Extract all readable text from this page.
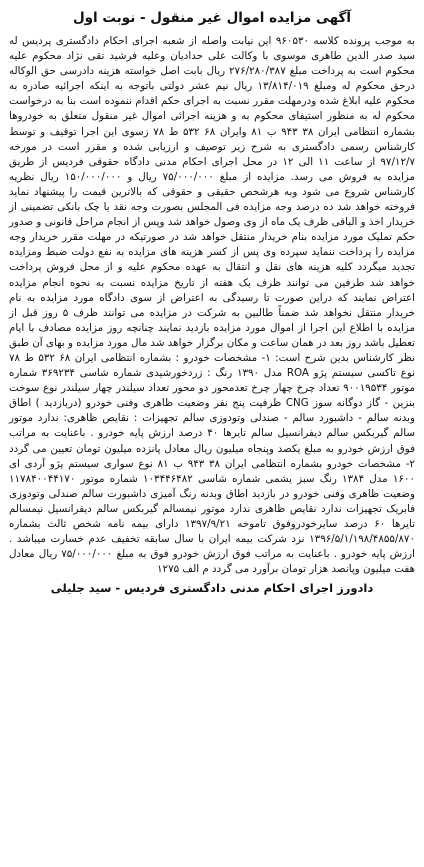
آگهی مزایده اموال غیر منقول - نوبت اول

به موجب پرونده کلاسه ۹۶۰۵۳۰ این نیابت واصله از شعبه اجرای احکام دادگستری پردیس له سید صدر الدین طاهری موسوی با وکالت علی حدادیان وعلیه فرشید تقی نژاد محکوم علیه محکوم است به پرداخت مبلغ ۲۷۶/۲۸۰/۳۸۷ ریال بابت اصل خواسته هزینه دادرسی حق الوکاله درحق محکوم له ومبلغ ۱۳/۸۱۴/۰۱۹ ریال نیم عشر دولتی باتوجه به اینکه اجرائیه صادره به محکوم علیه ابلاغ شده ودرمهلت مقرر نسبت به اجرای حکم اقدام ننموده است بنا به درخواست محکوم له به منظور استیفای محکوم به و هزینه اجرائی اموال غیر منقول متعلق به خودروها بشماره انتظامی ایران ۳۸ ۹۴۳ ب ۸۱ وایران ۶۸ ۵۳۲ ط ۷۸ زسوی این اجرا توقیف و توسط کارشناس رسمی دادگستری به شرح زیر توصیف و ارزیابی شده و مقرر است در مورخه ۹۷/۱۲/۷ از ساعت ۱۱ الی ۱۲ در محل اجرای احکام مدنی دادگاه حقوقی فردیس از طریق مزایده به فروش می رسد. مزایده از مبلغ ۷۵/۰۰۰/۰۰۰ ریال و ۱۵۰/۰۰۰/۰۰۰ ریال نظریه کارشناس شروع می شود وبه هرشخص حقیقی و حقوقی که بالاترین قیمت را پیشنهاد نماید فروخته خواهد شد ده درصد وجه مزایده فی المجلس بصورت وجه نقد یا چک بانکی تضمینی از خریدار اخذ و الباقی ظرف یک ماه از وی وصول خواهد شد وپس از انجام مراحل قانونی و صدور حکم تملیک مورد مزایده بنام خریدار منتقل خواهد شد در صورتیکه در مهلت مقرر خریدار وجه مزایده را پرداخت ننماید سپرده وی پس از کسر هزینه های مزایده به نفع دولت ضبط ومزایده تجدید میگردد کلیه هزینه های نقل و انتقال به عهده محکوم علیه و از محل فروش پرداخت خواهد شد طرفین می توانند ظرف یک هفته از تاریخ مزایده نسبت به نحوه انجام مزایده اعتراض نمایند که دراین صورت تا رسیدگی به اعتراض از سوی دادگاه مورد مزایده به نام خریدار منتقل نخواهد شد ضمناً طالبین به شرکت در مزایده می توانند ظرف ۵ روز قبل از مزایده با اطلاع این اجرا از اموال مورد مزایده بازدید نمایند چنانچه روز مزایده مصادف با ایام تعطیل باشد روز بعد در همان ساعت و مکان برگزار خواهد شد مال مورد مزایده و بهای آن طبق نظر کارشناس بدین شرح است: ۱- مشخصات خودرو : بشماره انتظامی ایران ۶۸ ۵۳۲ ط ۷۸ نوع تاکسی سیستم پژو ROA مدل ۱۳۹۰ رنگ : زردخورشیدی شماره شاسی ۳۶۹۲۳۴ شماره موتور ۹۰۰۱۹۵۳۴ تعداد چرخ چهار چرخ تعدمحور دو محور تعداد سیلندر چهار سیلندر نوع سوخت بنزین - گاز دوگانه سوز CNG ظرفیت پنج نفر وضعیت ظاهری وفنی خودرو (دربازدید ) اطاق وبدنه سالم - داشبورد سالم - صندلی وتودوزی سالم تجهیزات : نقایص ظاهری: ندارد موتور سالم گیربکس سالم دیفرانسیل سالم تایرها ۴۰ درصد ارزش پایه خودرو . باعنایت به مراتب فوق ارزش خودرو به مبلغ یکصد وپنجاه میلیون ریال معادل پانزده میلیون تومان تعیین می گردد ۲- مشخصات خودرو بشماره انتظامی ایران ۳۸ ۹۴۳ ب ۸۱ نوع سواری سیستم پژو آردی ای ۱۶۰۰ مدل ۱۳۸۴ رنگ سبز یشمی شماره شاسی ۱۰۳۴۴۶۴۸۲ شماره موتور ۱۱۷۸۴۰۰۴۴۱۷۰ وضعیت ظاهری وفنی خودرو در بازدید اطاق وبدنه رنگ آمیزی داشبورت سالم صندلی وتودوزی فابریک تجهیزات ندارد نقایص ظاهری ندارد موتور نیمسالم گیربکس سالم دیفرانسیل نیمسالم تایرها ۶۰ درصد سایرخودروفوق تاموخه ۱۳۹۷/۹/۲۱ دارای بیمه نامه شخص ثالث بشماره ۱۳۹۶/۵/۱/۱۹۸/۴۸۵۵/۸۷۰ نزد شرکت بیمه ایران با سال سابقه تخفیف عدم خسارت میباشد . ارزش پایه خودرو . باعنایت به مراتب فوق ارزش خودرو فوق به مبلغ ۷۵/۰۰۰/۰۰۰ ریال معادل هفت میلیون وپانصد هزار تومان برآورد می گردد م الف ۱۲۷۵

دادورز اجرای احکام مدنی دادگستری فردیس - سید جلیلی
